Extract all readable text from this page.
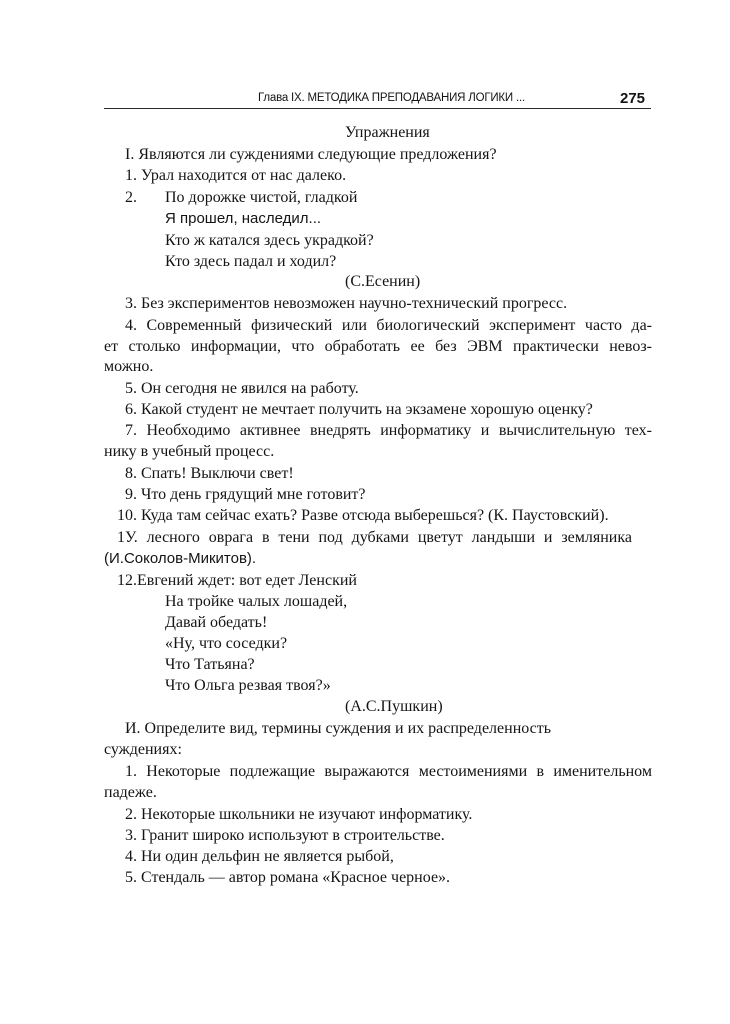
Глава IX. МЕТОДИКА ПРЕПОДАВАНИЯ ЛОГИКИ ...	275
Упражнения
I. Являются ли суждениями следующие предложения?
1. Урал находится от нас далеко.
2. По дорожке чистой, гладкой
Я прошел, наследил...
Кто ж катался здесь украдкой?
Кто здесь падал и ходил?
(С.Есенин)
3. Без экспериментов невозможен научно-технический прогресс.
4. Современный физический или биологический эксперимент часто да-
ет столько информации, что обработать ее без ЭВМ практически невоз-
можно.
5. Он сегодня не явился на работу.
6. Какой студент не мечтает получить на экзамене хорошую оценку?
7. Необходимо активнее внедрять информатику и вычислительную тех-
нику в учебный процесс.
8. Спать! Выключи свет!
9. Что день грядущий мне готовит?
10. Куда там сейчас ехать? Разве отсюда выберешься? (К. Паустовский).
1У. лесного оврага в тени под дубками цветут ландыши и земляника
(И.Соколов-Микитов).
12.Евгений ждет: вот едет Ленский
На тройке чалых лошадей,
Давай обедать!
«Ну, что соседки?
Что Татьяна?
Что Ольга резвая твоя?»
(А.С.Пушкин)
И. Определите вид, термины суждения и их распределенность
суждениях:
1. Некоторые подлежащие выражаются местоимениями в именительном
падеже.
2. Некоторые школьники не изучают информатику.
3. Гранит широко используют в строительстве.
4. Ни один дельфин не является рыбой,
5. Стендаль — автор романа «Красное черное».
